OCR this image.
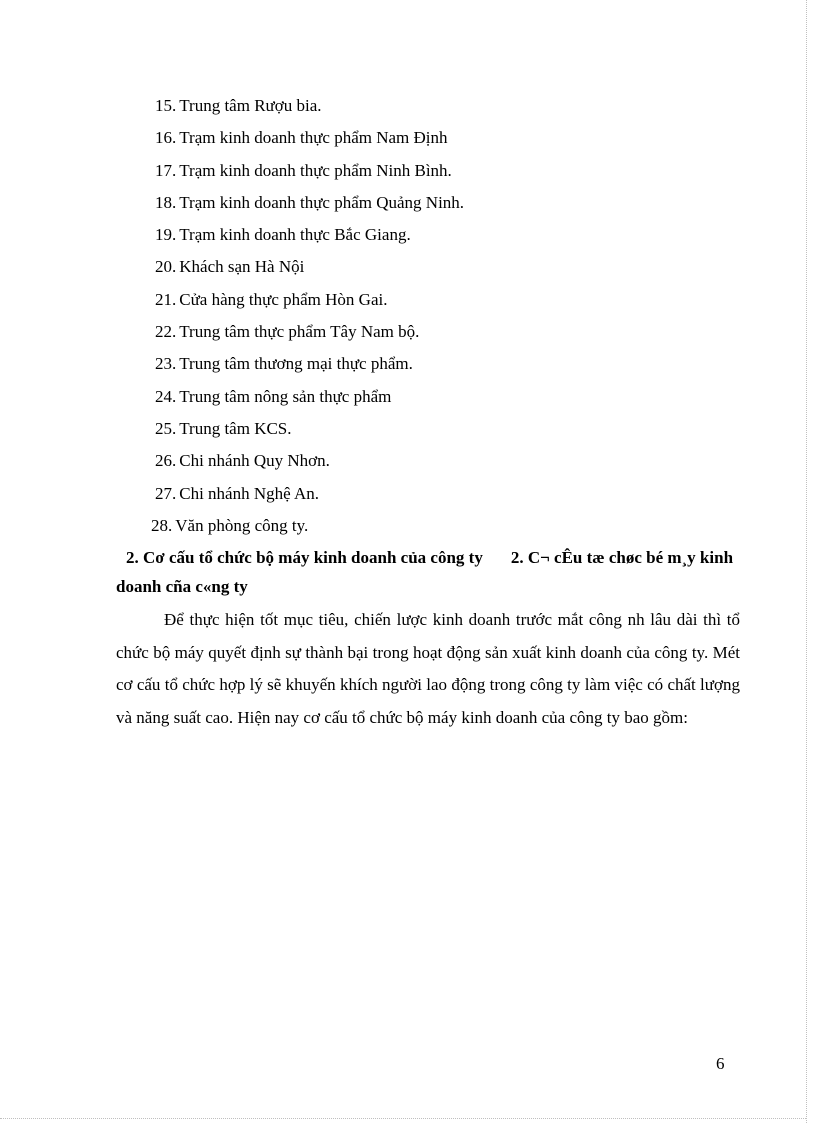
15. Trung tâm Rượu bia.
16. Trạm kinh doanh thực phẩm Nam Định
17. Trạm kinh doanh thực phẩm Ninh Bình.
18. Trạm kinh doanh thực phẩm Quảng Ninh.
19. Trạm kinh doanh thực Bắc Giang.
20. Khách sạn Hà Nội
21. Cửa hàng thực phẩm Hòn Gai.
22. Trung tâm thực phẩm Tây Nam bộ.
23. Trung tâm thương mại thực phẩm.
24. Trung tâm nông sản thực phẩm
25. Trung tâm KCS.
26. Chi nhánh Quy Nhơn.
27. Chi nhánh Nghệ An.
28. Văn phòng công ty.
2. Cơ cấu tổ chức bộ máy kinh doanh của công ty 2. C¬ cÊu tæ chøc bé m¸y kinh doanh cña c«ng ty

Để thực hiện tốt mục tiêu, chiến lược kinh doanh trước mắt công nh lâu dài thì tổ chức bộ máy quyết định sự thành bại trong hoạt động sản xuất kinh doanh của công ty. Mét cơ cấu tổ chức hợp lý sẽ khuyến khích người lao động trong công ty làm việc có chất lượng và năng suất cao. Hiện nay cơ cấu tổ chức bộ máy kinh doanh của công ty bao gồm:

6
